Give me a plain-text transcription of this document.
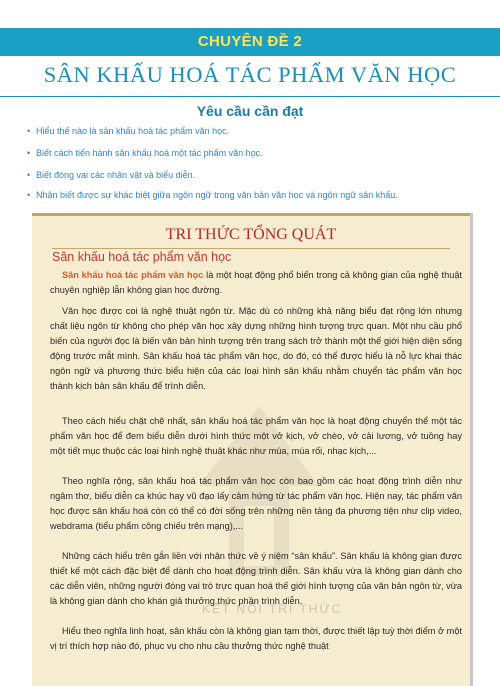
CHUYÊN ĐỀ 2
SÂN KHẤU HOÁ TÁC PHẨM VĂN HỌC
Yêu cầu cần đạt
• Hiểu thế nào là sân khấu hoá tác phẩm văn học.
• Biết cách tiến hành sân khấu hoá một tác phẩm văn học.
• Biết đóng vai các nhân vật và biểu diễn.
• Nhận biết được sự khác biệt giữa ngôn ngữ trong văn bản văn học và ngôn ngữ sân khấu.
TRI THỨC TỔNG QUÁT
Sân khấu hoá tác phẩm văn học
KẾT NỐI TRI THỨC

Sân khấu hoá tác phẩm văn học là một hoạt động phổ biến trong cả không gian của nghệ thuật chuyên nghiệp lẫn không gian học đường.

Văn học được coi là nghệ thuật ngôn từ. Mặc dù có những khả năng biểu đạt rộng lớn nhưng chất liệu ngôn từ không cho phép văn học xây dựng những hình tượng trực quan. Một nhu cầu phổ biến của người đọc là biến văn bản hình tượng trên trang sách trở thành một thế giới hiện diện sống động trước mắt mình. Sân khấu hoá tác phẩm văn học, do đó, có thể được hiểu là nỗ lực khai thác ngôn ngữ và phương thức biểu hiện của các loại hình sân khấu nhằm chuyển tác phẩm văn học thành kịch bản sân khấu để trình diễn.

Theo cách hiểu chặt chẽ nhất, sân khấu hoá tác phẩm văn học là hoạt động chuyển thể một tác phẩm văn học để đem biểu diễn dưới hình thức một vở kịch, vở chèo, vở cải lương, vở tuồng hay một tiết mục thuộc các loại hình nghệ thuật khác như múa, múa rối, nhạc kịch,...

Theo nghĩa rộng, sân khấu hoá tác phẩm văn học còn bao gồm các hoạt động trình diễn như ngâm thơ, biểu diễn ca khúc hay vũ đạo lấy cảm hứng từ tác phẩm văn học. Hiện nay, tác phẩm văn học được sân khấu hoá còn có thể có đời sống trên những nền tảng đa phương tiện như clip video, webdrama (tiểu phẩm công chiếu trên mạng),...

Những cách hiểu trên gắn liền với nhận thức về ý niệm “sân khấu”. Sân khấu là không gian được thiết kế một cách đặc biệt để dành cho hoạt động trình diễn. Sân khấu vừa là không gian dành cho các diễn viên, những người đóng vai trò trực quan hoá thế giới hình tượng của văn bản ngôn từ, vừa là không gian dành cho khán giả thưởng thức phần trình diễn.

Hiểu theo nghĩa linh hoạt, sân khấu còn là không gian tạm thời, được thiết lập tuỳ thời điểm ở một vị trí thích hợp nào đó, phục vụ cho nhu cầu thưởng thức nghệ thuật
